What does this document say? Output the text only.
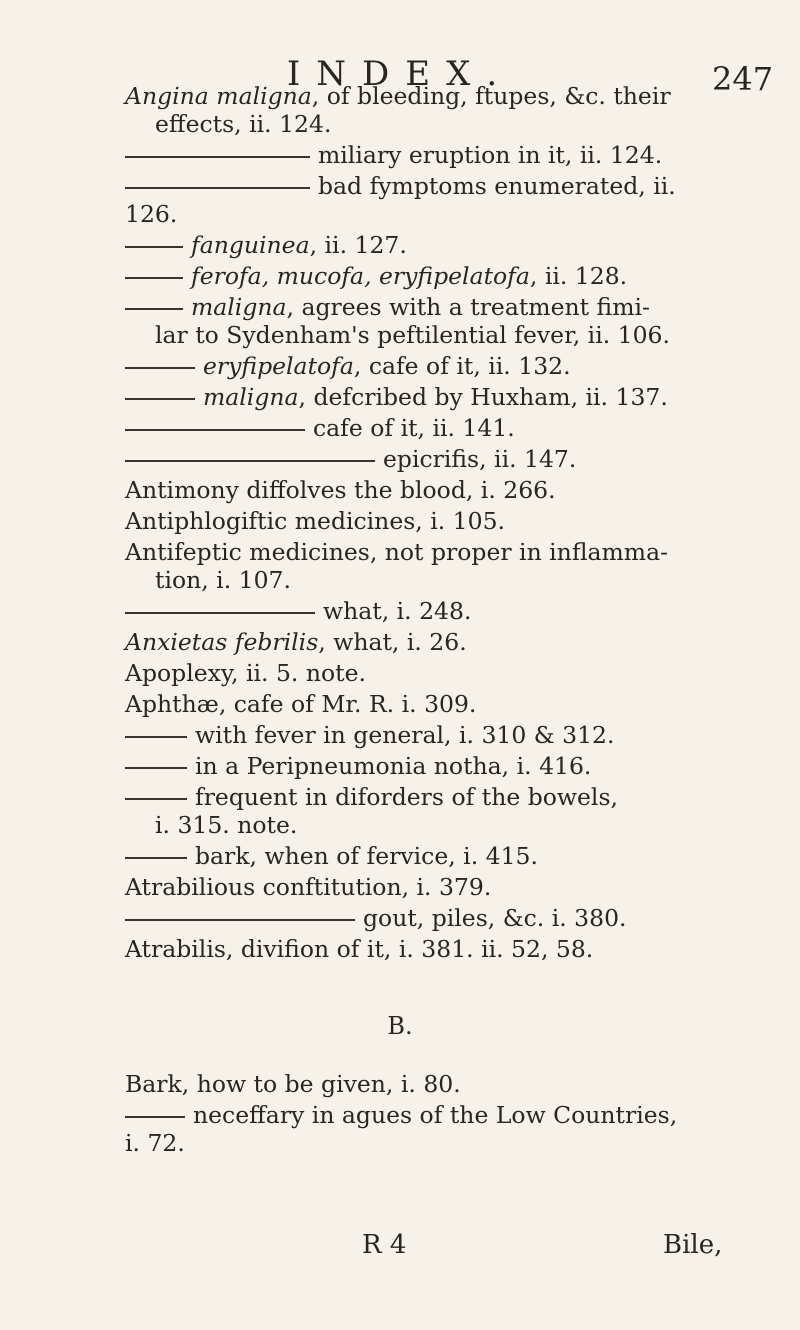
INDEX.	247
Angina maligna, of bleeding, ftupes, &c. their
effects, ii. 124.
miliary eruption in it, ii. 124.
bad fymptoms enumerated, ii.
126.
fanguinea, ii. 127.
ferofa, mucofa, eryfipelatofa, ii. 128.
maligna, agrees with a treatment fimi-
lar to Sydenham's peftilential fever, ii. 106.
eryfipelatofa, cafe of it, ii. 132.
maligna, defcribed by Huxham, ii. 137.
cafe of it, ii. 141.
epicrifis, ii. 147.
Antimony diffolves the blood, i. 266.
Antiphlogiftic medicines, i. 105.
Antifeptic medicines, not proper in inflamma-
tion, i. 107.
what, i. 248.
Anxietas febrilis, what, i. 26.
Apoplexy, ii. 5. note.
Aphthæ, cafe of Mr. R. i. 309.
with fever in general, i. 310 & 312.
in a Peripneumonia notha, i. 416.
frequent in diforders of the bowels,
i. 315. note.
bark, when of fervice, i. 415.
Atrabilious conftitution, i. 379.
gout, piles, &c. i. 380.
Atrabilis, divifion of it, i. 381. ii. 52, 58.
B.
Bark, how to be given, i. 80.
neceffary in agues of the Low Countries,
i. 72.
R 4	Bile,
